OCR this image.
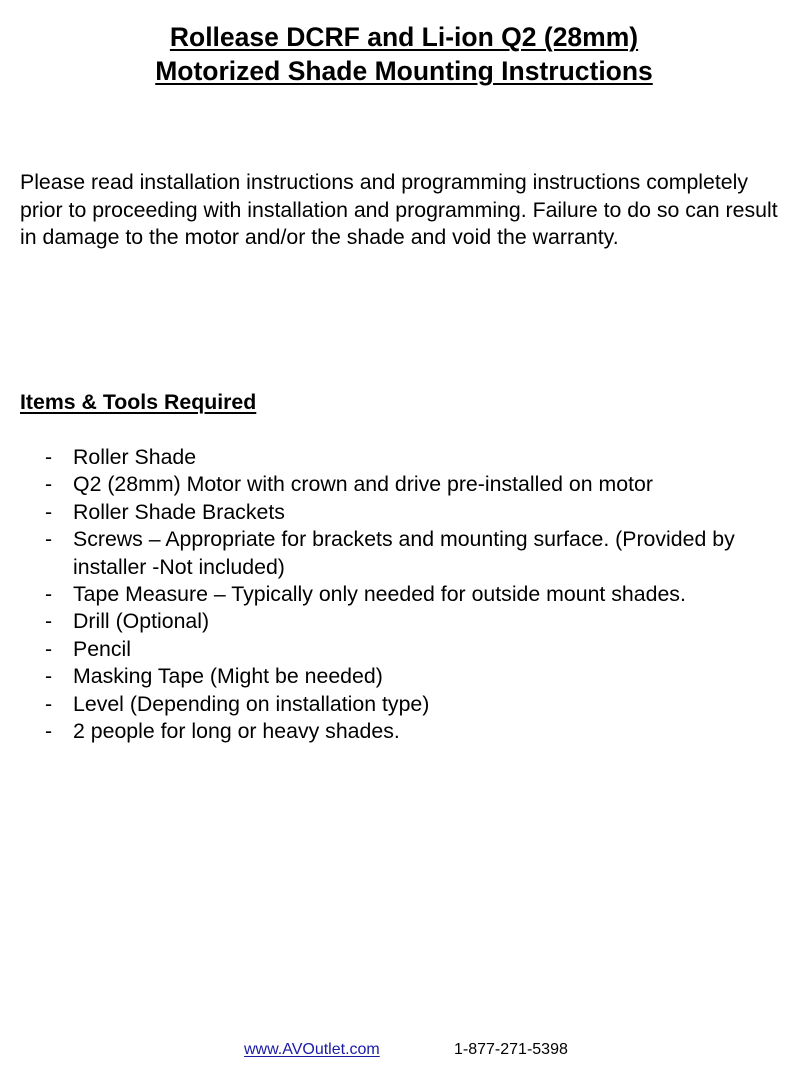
Rollease DCRF and Li-ion Q2 (28mm)
Motorized Shade Mounting Instructions

Please read installation instructions and programming instructions completely prior to proceeding with installation and programming. Failure to do so can result in damage to the motor and/or the shade and void the warranty.

Items & Tools Required
- Roller Shade
- Q2 (28mm) Motor with crown and drive pre-installed on motor
- Roller Shade Brackets
- Screws – Appropriate for brackets and mounting surface. (Provided by installer -Not included)
- Tape Measure – Typically only needed for outside mount shades.
- Drill (Optional)
- Pencil
- Masking Tape (Might be needed)
- Level (Depending on installation type)
- 2 people for long or heavy shades.
www.AVOutlet.com	1-877-271-5398
